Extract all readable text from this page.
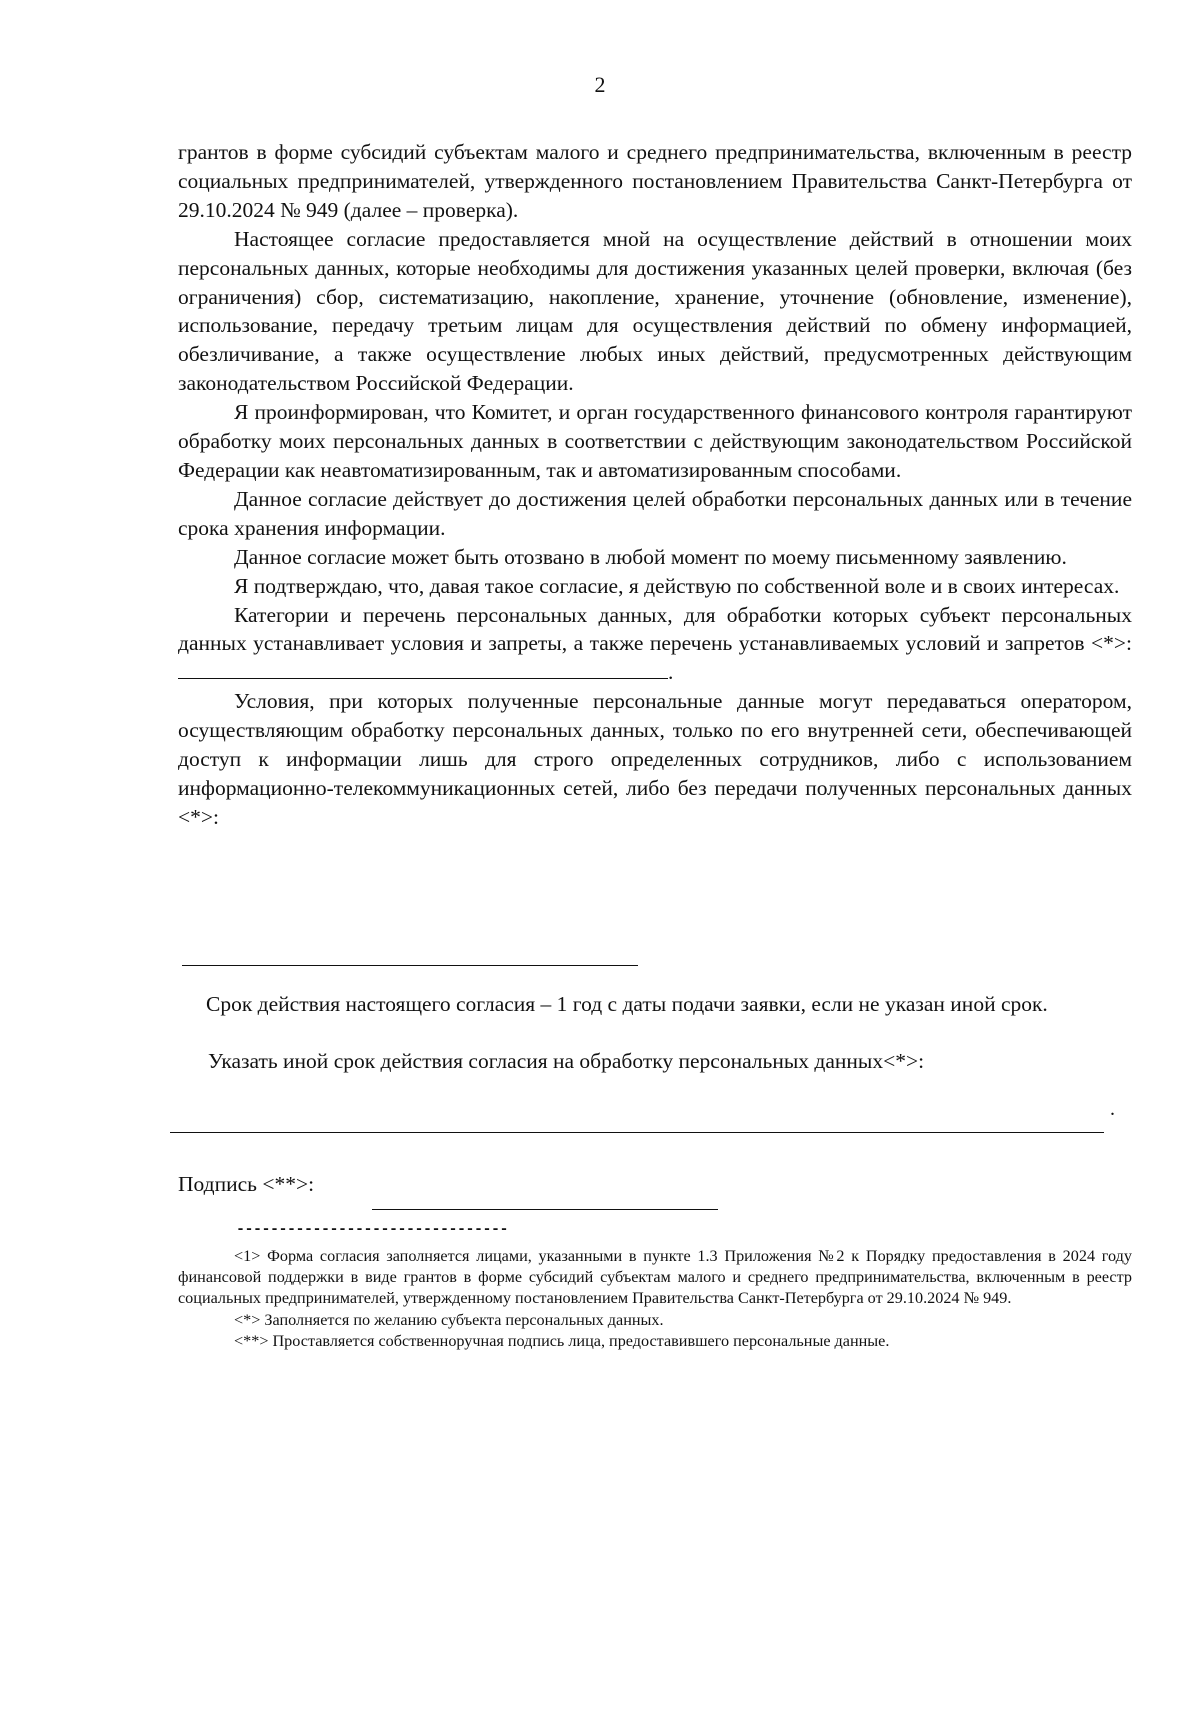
2

грантов в форме субсидий субъектам малого и среднего предпринимательства, включенным в реестр социальных предпринимателей, утвержденного постановлением Правительства Санкт-Петербурга от 29.10.2024 № 949 (далее – проверка).

Настоящее согласие предоставляется мной на осуществление действий в отношении моих персональных данных, которые необходимы для достижения указанных целей проверки, включая (без ограничения) сбор, систематизацию, накопление, хранение, уточнение (обновление, изменение), использование, передачу третьим лицам для осуществления действий по обмену информацией, обезличивание, а также осуществление любых иных действий, предусмотренных действующим законодательством Российской Федерации.

Я проинформирован, что Комитет, и орган государственного финансового контроля гарантируют обработку моих персональных данных в соответствии с действующим законодательством Российской Федерации как неавтоматизированным, так и автоматизированным способами.

Данное согласие действует до достижения целей обработки персональных данных или в течение срока хранения информации.

Данное согласие может быть отозвано в любой момент по моему письменному заявлению.

Я подтверждаю, что, давая такое согласие, я действую по собственной воле и в своих интересах.

Категории и перечень персональных данных, для обработки которых субъект персональных данных устанавливает условия и запреты, а также перечень устанавливаемых условий и запретов <*>: .

Условия, при которых полученные персональные данные могут передаваться оператором, осуществляющим обработку персональных данных, только по его внутренней сети, обеспечивающей доступ к информации лишь для строго определенных сотрудников, либо с использованием информационно-телекоммуникационных сетей, либо без передачи полученных персональных данных <*>:

Срок действия настоящего согласия – 1 год с даты подачи заявки, если не указан иной срок.

Указать иной срок действия согласия на обработку персональных данных<*>:

.
Подпись <**>:
--------------------------------

<1> Форма согласия заполняется лицами, указанными в пункте 1.3 Приложения №2 к Порядку предоставления в 2024 году финансовой поддержки в виде грантов в форме субсидий субъектам малого и среднего предпринимательства, включенным в реестр социальных предпринимателей, утвержденному постановлением Правительства Санкт-Петербурга от 29.10.2024 № 949.

<*> Заполняется по желанию субъекта персональных данных.

<**> Проставляется собственноручная подпись лица, предоставившего персональные данные.
